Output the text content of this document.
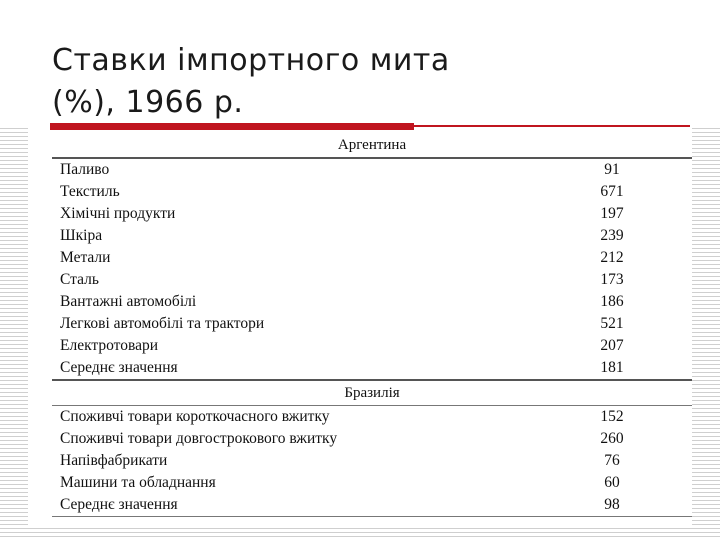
Ставки імпортного мита
(%), 1966 р.
Аргентина
Паливо	91
Текстиль	671
Хімічні продукти	197
Шкіра	239
Метали	212
Сталь	173
Вантажні автомобілі	186
Легкові автомобілі та трактори	521
Електротовари	207
Середнє значення	181
Бразилія
Споживчі товари короткочасного вжитку	152
Споживчі товари довгострокового вжитку	260
Напівфабрикати	76
Машини та обладнання	60
Середнє значення	98
